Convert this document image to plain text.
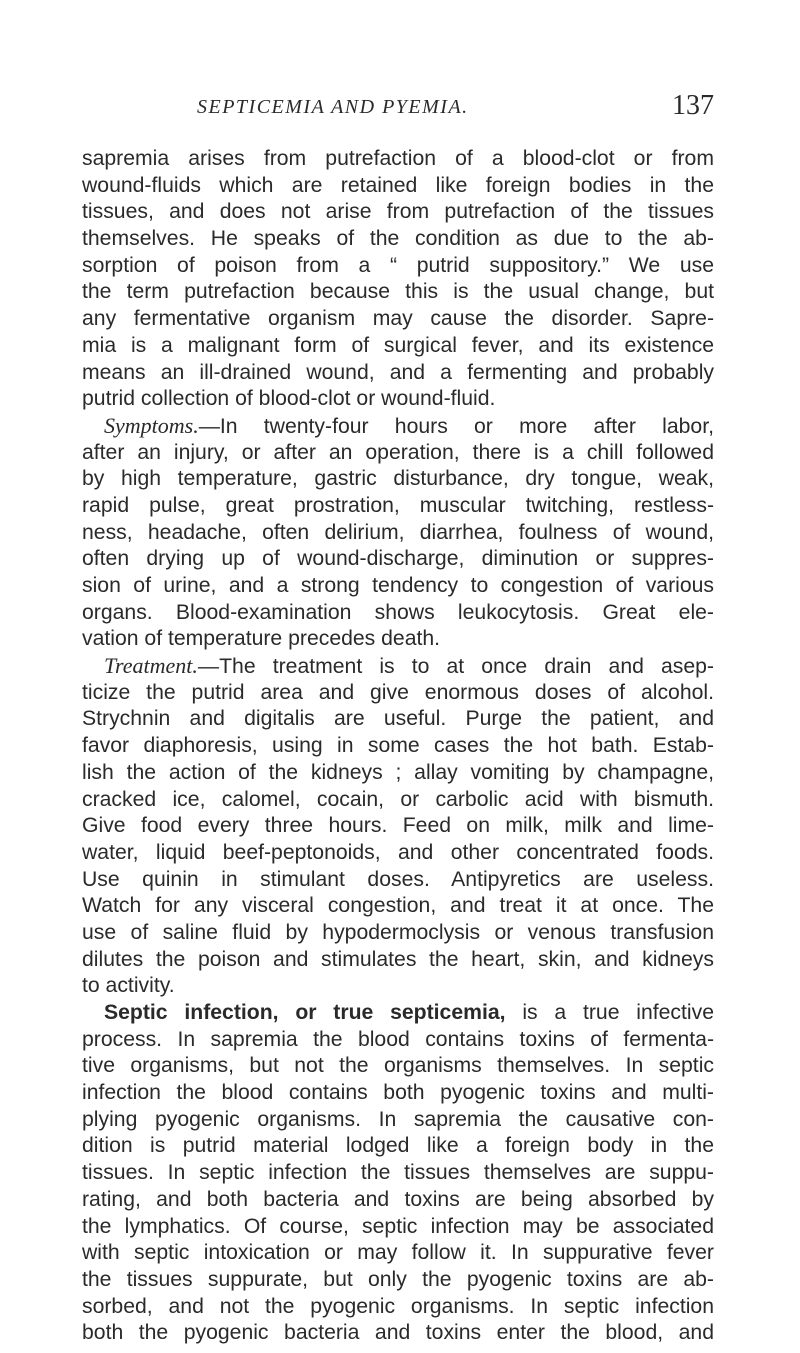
SEPTICEMIA AND PYEMIA.	137
sapremia arises from putrefaction of a blood-clot or from
wound-fluids which are retained like foreign bodies in the
tissues, and does not arise from putrefaction of the tissues
themselves. He speaks of the condition as due to the ab-
sorption of poison from a “ putrid suppository.” We use
the term putrefaction because this is the usual change, but
any fermentative organism may cause the disorder. Sapre-
mia is a malignant form of surgical fever, and its existence
means an ill-drained wound, and a fermenting and probably
putrid collection of blood-clot or wound-fluid.
Symptoms.—In twenty-four hours or more after labor,
after an injury, or after an operation, there is a chill followed
by high temperature, gastric disturbance, dry tongue, weak,
rapid pulse, great prostration, muscular twitching, restless-
ness, headache, often delirium, diarrhea, foulness of wound,
often drying up of wound-discharge, diminution or suppres-
sion of urine, and a strong tendency to congestion of various
organs. Blood-examination shows leukocytosis. Great ele-
vation of temperature precedes death.
Treatment.—The treatment is to at once drain and asep-
ticize the putrid area and give enormous doses of alcohol.
Strychnin and digitalis are useful. Purge the patient, and
favor diaphoresis, using in some cases the hot bath. Estab-
lish the action of the kidneys ; allay vomiting by champagne,
cracked ice, calomel, cocain, or carbolic acid with bismuth.
Give food every three hours. Feed on milk, milk and lime-
water, liquid beef-peptonoids, and other concentrated foods.
Use quinin in stimulant doses. Antipyretics are useless.
Watch for any visceral congestion, and treat it at once. The
use of saline fluid by hypodermoclysis or venous transfusion
dilutes the poison and stimulates the heart, skin, and kidneys
to activity.
Septic infection, or true septicemia, is a true infective
process. In sapremia the blood contains toxins of fermenta-
tive organisms, but not the organisms themselves. In septic
infection the blood contains both pyogenic toxins and multi-
plying pyogenic organisms. In sapremia the causative con-
dition is putrid material lodged like a foreign body in the
tissues. In septic infection the tissues themselves are suppu-
rating, and both bacteria and toxins are being absorbed by
the lymphatics. Of course, septic infection may be associated
with septic intoxication or may follow it. In suppurative fever
the tissues suppurate, but only the pyogenic toxins are ab-
sorbed, and not the pyogenic organisms. In septic infection
both the pyogenic bacteria and toxins enter the blood, and
